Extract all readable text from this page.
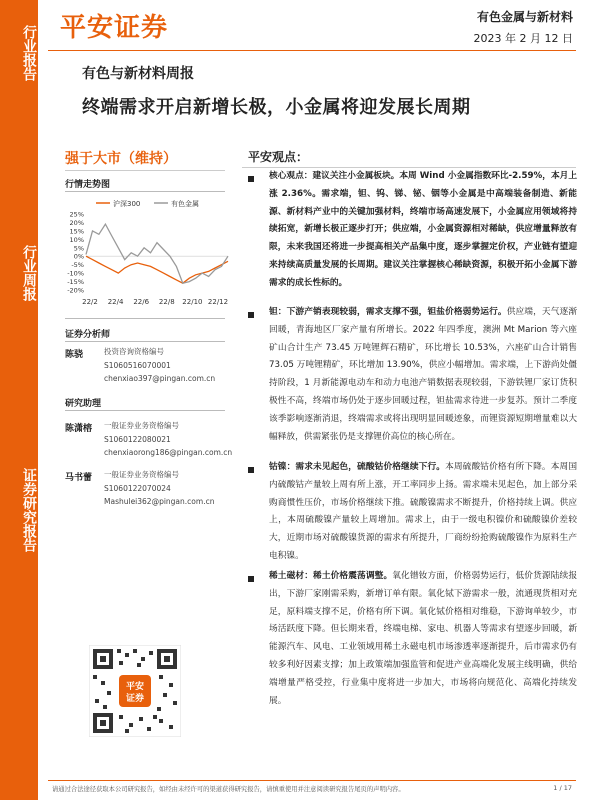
行业报告
行业周报
证券研究报告
平安证券	有色金属与新材料
2023 年 2 月 12 日
有色与新材料周报
终端需求开启新增长极，小金属将迎发展长周期
强于大市（维持）
行情走势图
沪深300	有色金属
25%
20%
15%
10%
5%
0%
-5%
-10%
-15%
-20%
22/2 22/4 22/6 22/8 22/10 22/12
证券分析师
陈骁	投资咨询资格编号
S1060516070001
chenxiao397@pingan.com.cn
研究助理
陈潇榕 一般证券业务资格编号
S1060122080021
chenxiaorong186@pingan.com.cn
马书蕾 一般证券业务资格编号
S1060122070024
Mashulei362@pingan.com.cn
平安
证券
平安观点：
核心观点：建议关注小金属板块。本周 Wind 小金属指数环比-2.59%，本月上涨 2.36%。需求端，钽、钨、锑、铋、铟等小金属是中高端装备制造、新能源、新材料产业中的关键加强材料，终端市场高速发展下，小金属应用领域将持续拓宽，新增长极正逐步打开；供应端，小金属资源相对稀缺，供应增量释放有限，未来我国还将进一步提高相关产品集中度，逐步掌握定价权，产业链有望迎来持续高质量发展的长周期。建议关注掌握核心稀缺资源，积极开拓小金属下游需求的成长性标的。
钽：下游产销表现较弱，需求支撑不强，钽盐价格弱势运行。供应端，天气逐渐回暖，青海地区厂家产量有所增长。2022 年四季度，澳洲 Mt Marion 等六座矿山合计生产 73.45 万吨锂辉石精矿，环比增长 10.53%，六座矿山合计销售 73.05 万吨锂精矿，环比增加 13.90%，供应小幅增加。需求端，上下游尚处僵持阶段，1 月新能源电动车和动力电池产销数据表现较弱，下游铁锂厂家订货积极性不高，终端市场仍处于逐步回暖过程，钽盐需求待进一步复苏。预计二季度该季影响逐渐消退，终端需求或将出现明显回暖迹象，而锂资源短期增量难以大幅释放，供需紧张仍是支撑锂价高位的核心所在。
钴镍：需求未见起色，硫酸钴价格继续下行。本周硫酸钴价格有所下降。本周国内硫酸钴产量较上周有所上涨，开工率同步上扬。需求端未见起色，加上部分采购商惯性压价，市场价格继续下推。硫酸镍需求不断提升，价格持续上调。供应上，本周硫酸镍产量较上周增加。需求上，由于一级电积镍价和硫酸镍价差较大，近期市场对硫酸镍货源的需求有所提升，厂商纷纷抢购硫酸镍作为原料生产电积镍。
稀土磁材：稀土价格震荡调整。氧化镨钕方面，价格弱势运行，低价货源陆续报出，下游厂家刚需采购，新增订单有限。氧化铽下游需求一般，流通现货相对充足，原料端支撑不足，价格有所下调。氧化铽价格相对维稳，下游询单较少，市场活跃度下降。但长期来看，终端电梯、家电、机器人等需求有望逐步回暖，新能源汽车、风电、工业领域用稀土永磁电机市场渗透率逐渐提升，后市需求仍有较多利好因素支撑；加上政策端加强监管和促进产业高端化发展主线明确，供给端增量严格受控，行业集中度将进一步加大，市场将向规范化、高端化持续发展。
请通过合法途径获取本公司研究报告，如经由未经许可的渠道获得研究报告，请慎重使用并注意阅读研究报告尾页的声明内容。	1 / 17
